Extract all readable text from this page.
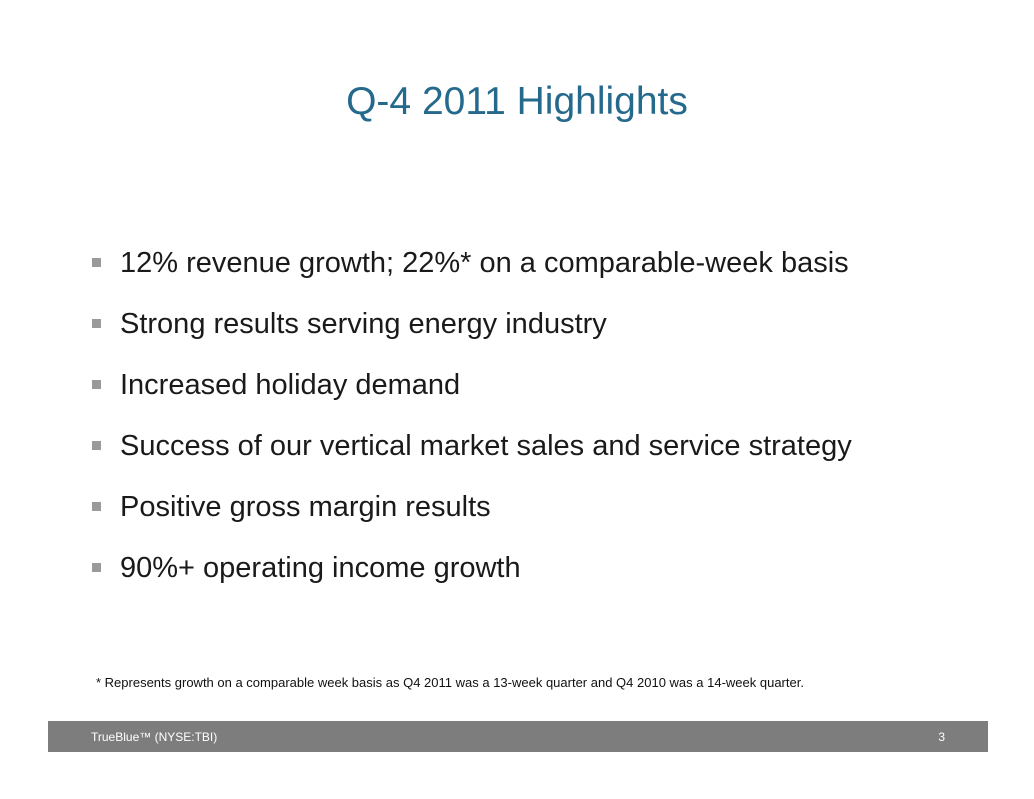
Q-4 2011 Highlights
12% revenue growth; 22%* on a comparable-week basis
Strong results serving energy industry
Increased holiday demand
Success of our vertical market sales and service strategy
Positive gross margin results
90%+ operating income growth
* Represents growth on a comparable week basis as Q4 2011 was a 13-week quarter and Q4 2010 was a 14-week quarter.
TrueBlue™ (NYSE:TBI)	3
